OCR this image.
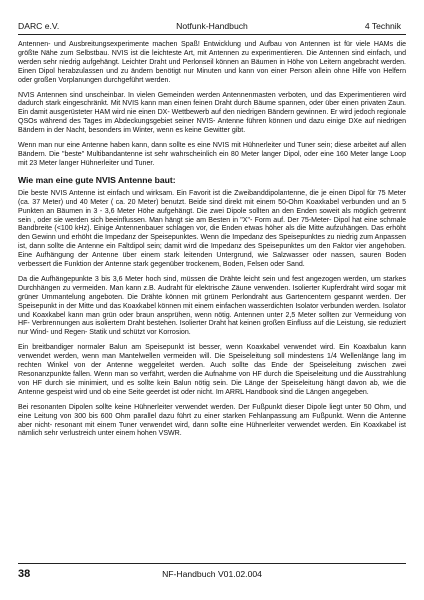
DARC e.V.	Notfunk-Handbuch	4 Technik

Antennen- und Ausbreitungsexperimente machen Spaß! Entwicklung und Aufbau von Antennen ist für viele HAMs die größte Nähe zum Selbstbau. NVIS ist die leichteste Art, mit Antennen zu experimentieren. Die Antennen sind einfach, und werden sehr niedrig aufgehängt. Leichter Draht und Perlonseil können an Bäumen in Höhe von Leitern angebracht werden. Einen Dipol herabzulassen und zu ändern benötigt nur Minuten und kann von einer Person allein ohne Hilfe von Helfern oder großen Vorplanungen durchgeführt werden.

NVIS Antennen sind unscheinbar. In vielen Gemeinden werden Antennenmasten verboten, und das Experimentieren wird dadurch stark eingeschränkt. Mit NVIS kann man einen feinen Draht durch Bäume spannen, oder über einen privaten Zaun. Ein damit ausgerüsteter HAM wird nie einen DX- Wettbewerb auf den niedrigen Bändern gewinnen. Er wird jedoch regionale QSOs während des Tages im Abdeckungsgebiet seiner NVIS- Antenne führen können und dazu einige DXe auf niedrigen Bändern in der Nacht, besonders im Winter, wenn es keine Gewitter gibt.

Wenn man nur eine Antenne haben kann, dann sollte es eine NVIS mit Hühnerleiter und Tuner sein; diese arbeitet auf allen Bändern. Die "beste" Multibandantenne ist sehr wahrscheinlich ein 80 Meter langer Dipol, oder eine 160 Meter lange Loop mit 23 Meter langer Hühnerleiter und Tuner.

Wie man eine gute NVIS Antenne baut:

Die beste NVIS Antenne ist einfach und wirksam. Ein Favorit ist die Zweibanddipolantenne, die je einen Dipol für 75 Meter (ca. 37 Meter) und 40 Meter ( ca. 20 Meter) benutzt. Beide sind direkt mit einem 50-Ohm Koaxkabel verbunden und an 5 Punkten an Bäumen in 3 - 3,6 Meter Höhe aufgehängt. Die zwei Dipole sollten an den Enden soweit als möglich getrennt sein , oder sie werden sich beeinflussen. Man hängt sie am Besten in "X"- Form auf. Der 75-Meter- Dipol hat eine schmale Bandbreite (<100 kHz). Einige Antennenbauer schlagen vor, die Enden etwas höher als die Mitte aufzuhängen. Das erhöht den Gewinn und erhöht die Impedanz der Speisepunktes. Wenn die Impedanz des Speisepunktes zu niedrig zum Anpassen ist, dann sollte die Antenne ein Faltdipol sein; damit wird die Impedanz des Speisepunktes um den Faktor vier angehoben. Eine Aufhängung der Antenne über einem stark leitenden Untergrund, wie Salzwasser oder nassen, sauren Boden verbessert die Funktion der Antenne stark gegenüber trockenem, Boden, Felsen oder Sand.

Da die Aufhängepunkte 3 bis 3,6 Meter hoch sind, müssen die Drähte leicht sein und fest angezogen werden, um starkes Durchhängen zu vermeiden. Man kann z.B. Audraht für elektrische Zäune verwenden. Isolierter Kupferdraht wird sogar mit grüner Ummantelung angeboten. Die Drähte können mit grünem Perlondraht aus Gartencentern gespannt werden. Der Speisepunkt in der Mitte und das Koaxkabel können mit einem einfachen wasserdichten Isolator verbunden werden. Isolator und Koaxkabel kann man grün oder braun ansprühen, wenn nötig. Antennen unter 2,5 Meter sollten zur Vermeidung von HF- Verbrennungen aus isoliertem Draht bestehen. Isolierter Draht hat keinen großen Einfluss auf die Leistung, sie reduziert nur Wind- und Regen- Statik und schützt vor Korrosion.

Ein breitbandiger normaler Balun am Speisepunkt ist besser, wenn Koaxkabel verwendet wird. Ein Koaxbalun kann verwendet werden, wenn man Mantelwellen vermeiden will. Die Speiseleitung soll mindestens 1/4 Wellenlänge lang im rechten Winkel von der Antenne weggeleitet werden. Auch sollte das Ende der Speiseleitung zwischen zwei Resonanzpunkte fallen. Wenn man so verfährt, werden die Aufnahme von HF durch die Speiseleitung und die Ausstrahlung von HF durch sie minimiert, und es sollte kein Balun nötig sein. Die Länge der Speiseleitung hängt davon ab, wie die Antenne gespeist wird und ob eine Seite geerdet ist oder nicht. Im ARRL Handbook sind die Längen angegeben.

Bei resonanten Dipolen sollte keine Hühnerleiter verwendet werden. Der Fußpunkt dieser Dipole liegt unter 50 Ohm, und eine Leitung von 300 bis 600 Ohm parallel dazu führt zu einer starken Fehlanpassung am Fußpunkt. Wenn die Antenne aber nicht- resonant mit einem Tuner verwendet wird, dann sollte eine Hühnerleiter verwendet werden. Ein Koaxkabel ist nämlich sehr verlustreich unter einem hohen VSWR.

38	NF-Handbuch V01.02.004
